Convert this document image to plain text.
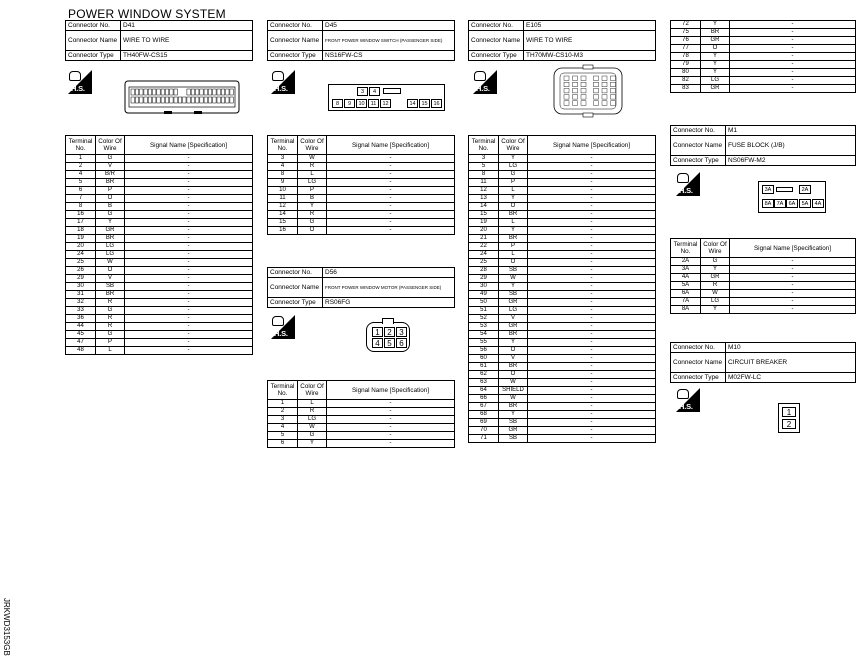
POWER WINDOW SYSTEM
JRKWD3153GB
Connector No.	D41
Connector Name	WIRE TO WIRE
Connector Type	TH40FW-CS15
H.S.
Terminal No.	Color Of Wire	Signal Name [Specification]
1	G	-
2	V	-
4	B/R	-
5	BR	-
6	P	-
7	O	-
8	B	-
16	G	-
17	Y	-
18	GR	-
19	BR	-
20	LG	-
24	LG	-
25	W	-
26	O	-
29	V	-
30	SB	-
31	BR	-
32	R	-
33	G	-
36	R	-
44	R	-
45	G	-
47	P	-
48	L	-
Connector No.	D45
Connector Name	FRONT POWER WINDOW SWITCH (PASSENGER SIDE)
Connector Type	NS16FW-CS
H.S.	3	4
8	9	10	11	12	14	15	16
Terminal No.	Color Of Wire	Signal Name [Specification]
3	W	-
4	R	-
8	L	-
9	LG	-
10	P	-
11	B	-
12	Y	-
14	R	-
15	G	-
16	O	-
Connector No.	D56
Connector Name	FRONT POWER WINDOW MOTOR (PASSENGER SIDE)
Connector Type	RS06FG
H.S.	1 2 3
4 5 6
Terminal No.	Color Of Wire	Signal Name [Specification]
1	L	-
2	R	-
3	LG	-
4	W	-
5	G	-
6	Y	-
Connector No.	E105
Connector Name	WIRE TO WIRE
Connector Type	TH70MW-CS10-M3
H.S.
Terminal No.	Color Of Wire	Signal Name [Specification]
3	Y	-
5	LG	-
8	G	-
11	P	-
12	L	-
13	Y	-
14	O	-
15	BR	-
19	L	-
20	Y	-
21	BR	-
22	P	-
24	L	-
25	O	-
28	SB	-
29	W	-
30	Y	-
49	SB	-
50	GR	-
51	LG	-
52	V	-
53	GR	-
54	BR	-
55	Y	-
56	O	-
60	V	-
61	BR	-
62	O	-
63	W	-
64	SHIELD	-
66	W	-
67	BR	-
68	Y	-
69	SB	-
70	GR	-
71	SB	-
72	Y	-
75	BR	-
76	GR	-
77	O	-
78	Y	-
79	Y	-
80	Y	-
82	LG	-
83	GR	-
Connector No.	M1
Connector Name	FUSE BLOCK (J/B)
Connector Type	NS06FW-M2
H.S.	3A	2A
8A 7A 6A	5A	4A
Terminal No.	Color Of Wire	Signal Name [Specification]
2A	G	-
3A	Y	-
4A	GR	-
5A	R	-
6A	W	-
7A	LG	-
8A	Y	-
Connector No.	M10
Connector Name	CIRCUIT BREAKER
Connector Type	M02FW-LC
H.S.
1
2
